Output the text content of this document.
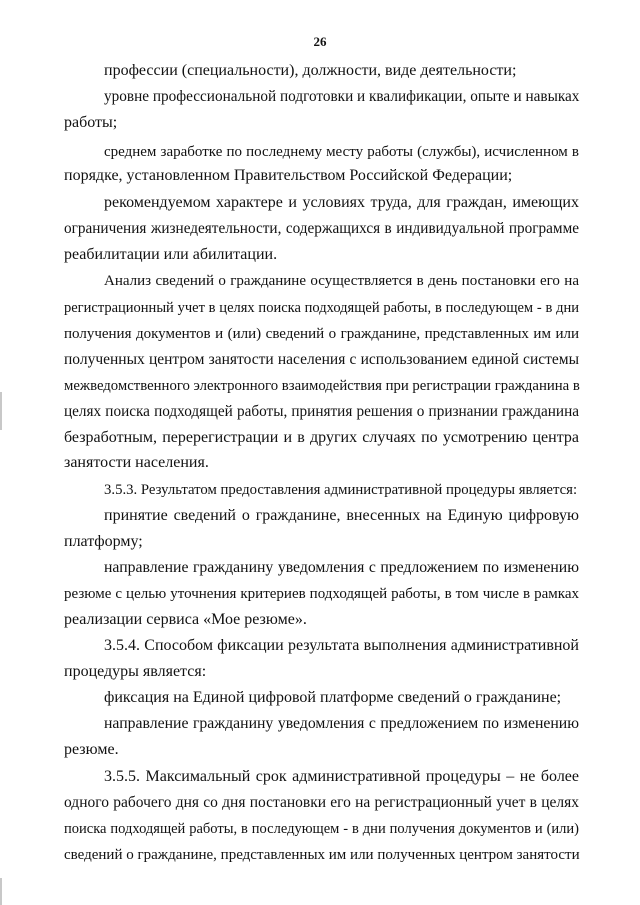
26
профессии (специальности), должности, виде деятельности;
уровне профессиональной подготовки и квалификации, опыте и навыках
работы;
среднем заработке по последнему месту работы (службы), исчисленном в
порядке, установленном Правительством Российской Федерации;
рекомендуемом характере и условиях труда, для граждан, имеющих
ограничения жизнедеятельности, содержащихся в индивидуальной программе
реабилитации или абилитации.
Анализ сведений о гражданине осуществляется в день постановки его на
регистрационный учет в целях поиска подходящей работы, в последующем - в дни
получения документов и (или) сведений о гражданине, представленных им или
полученных центром занятости населения с использованием единой системы
межведомственного электронного взаимодействия при регистрации гражданина в
целях поиска подходящей работы, принятия решения о признании гражданина
безработным, перерегистрации и в других случаях по усмотрению центра
занятости населения.
3.5.3. Результатом предоставления административной процедуры является:
принятие сведений о гражданине, внесенных на Единую цифровую
платформу;
направление гражданину уведомления с предложением по изменению
резюме с целью уточнения критериев подходящей работы, в том числе в рамках
реализации сервиса «Мое резюме».
3.5.4. Способом фиксации результата выполнения административной
процедуры является:
фиксация на Единой цифровой платформе сведений о гражданине;
направление гражданину уведомления с предложением по изменению
резюме.
3.5.5. Максимальный срок административной процедуры – не более
одного рабочего дня со дня постановки его на регистрационный учет в целях
поиска подходящей работы, в последующем - в дни получения документов и (или)
сведений о гражданине, представленных им или полученных центром занятости
